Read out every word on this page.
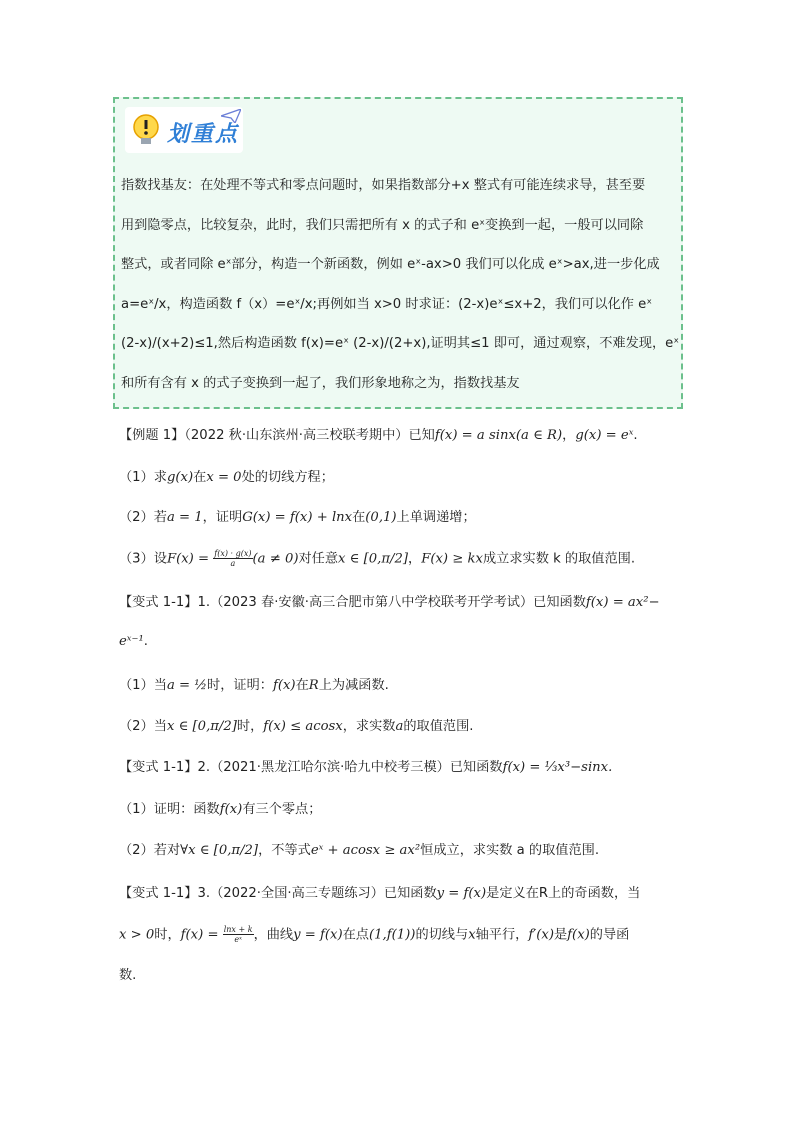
划重点
指数找基友：在处理不等式和零点问题时，如果指数部分+x 整式有可能连续求导，甚至要
用到隐零点，比较复杂，此时，我们只需把所有 x 的式子和 eˣ变换到一起，一般可以同除
整式，或者同除 eˣ部分，构造一个新函数，例如 eˣ-ax>0 我们可以化成 eˣ>ax,进一步化成
a=eˣ/x，构造函数 f（x）=eˣ/x;再例如当 x>0 时求证：(2-x)eˣ≤x+2，我们可以化作 eˣ
(2-x)/(x+2)≤1,然后构造函数 f(x)=eˣ (2-x)/(2+x),证明其≤1 即可，通过观察，不难发现，eˣ
和所有含有 x 的式子变换到一起了，我们形象地称之为，指数找基友
【例题 1】（2022 秋·山东滨州·高三校联考期中）已知f(x) = a sinx(a ∈ R)，g(x) = eˣ.
（1）求g(x)在x = 0处的切线方程；
（2）若a = 1，证明G(x) = f(x) + lnx在(0,1)上单调递增；
（3）设$F(x) = \frac{f(x) \cdot g(x)}{a} (a \ne 0)$对任意x ∈ [0,π/2]，F(x) ≥ kx成立求实数 k 的取值范围.
【变式 1-1】1.（2023 春·安徽·高三合肥市第八中学校联考开学考试）已知函数f(x) = ax²−
eˣ⁻¹.
（1）当a = ½时，证明：f(x)在R上为减函数.
（2）当x ∈ [0,π/2]时，f(x) ≤ acosx，求实数a的取值范围.
【变式 1-1】2.（2021·黑龙江哈尔滨·哈九中校考三模）已知函数f(x) = ⅓x³−sinx.
（1）证明：函数f(x)有三个零点；
（2）若对∀x ∈ [0,π/2]，不等式eˣ + acosx ≥ ax²恒成立，求实数 a 的取值范围.
【变式 1-1】3.（2022·全国·高三专题练习）已知函数y = f(x)是定义在R上的奇函数，当
x > 0时，$f(x) = \frac{\ln x + k}{\text{eˣ}}$ ，曲线y = f(x)在点(1,f(1))的切线与x轴平行，f′(x)是f(x)的导函
数.
